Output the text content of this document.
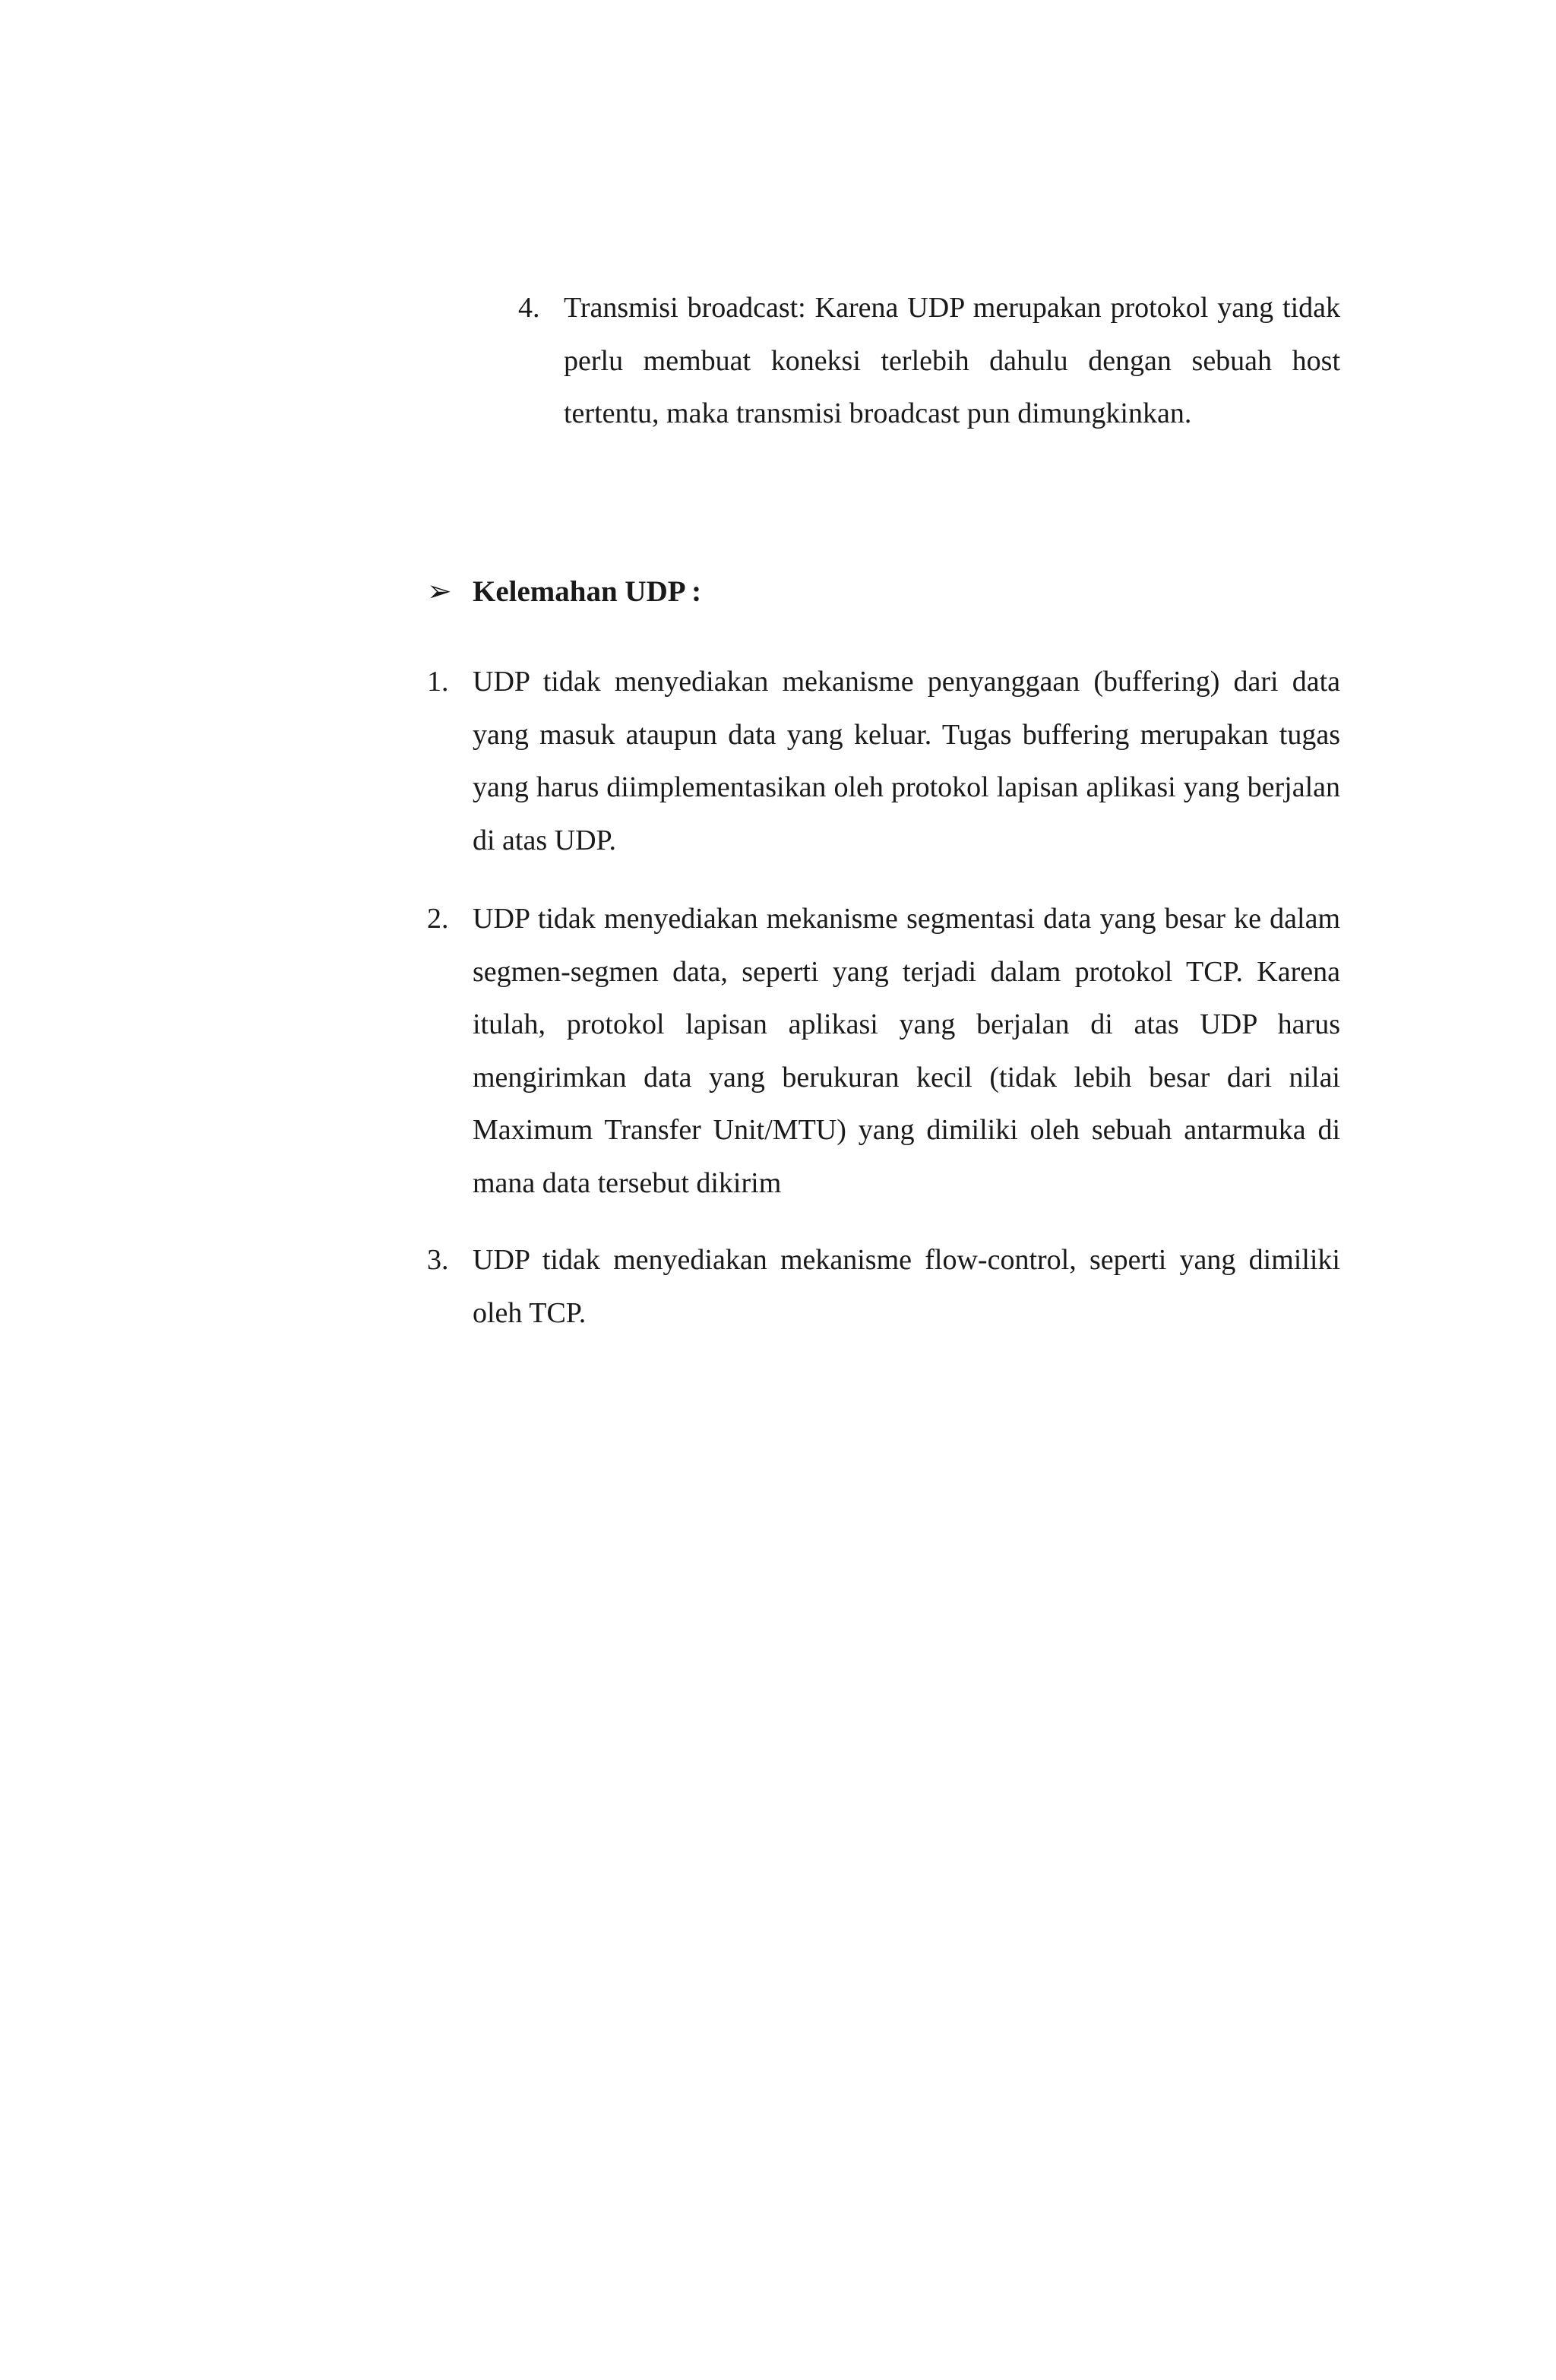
4. Transmisi broadcast: Karena UDP merupakan protokol yang tidak perlu membuat koneksi terlebih dahulu dengan sebuah host tertentu, maka transmisi broadcast pun dimungkinkan.
➢ Kelemahan UDP :
1. UDP tidak menyediakan mekanisme penyanggaan (buffering) dari data yang masuk ataupun data yang keluar. Tugas buffering merupakan tugas yang harus diimplementasikan oleh protokol lapisan aplikasi yang berjalan di atas UDP.
2. UDP tidak menyediakan mekanisme segmentasi data yang besar ke dalam segmen-segmen data, seperti yang terjadi dalam protokol TCP. Karena itulah, protokol lapisan aplikasi yang berjalan di atas UDP harus mengirimkan data yang berukuran kecil (tidak lebih besar dari nilai Maximum Transfer Unit/MTU) yang dimiliki oleh sebuah antarmuka di mana data tersebut dikirim
3. UDP tidak menyediakan mekanisme flow-control, seperti yang dimiliki oleh TCP.
